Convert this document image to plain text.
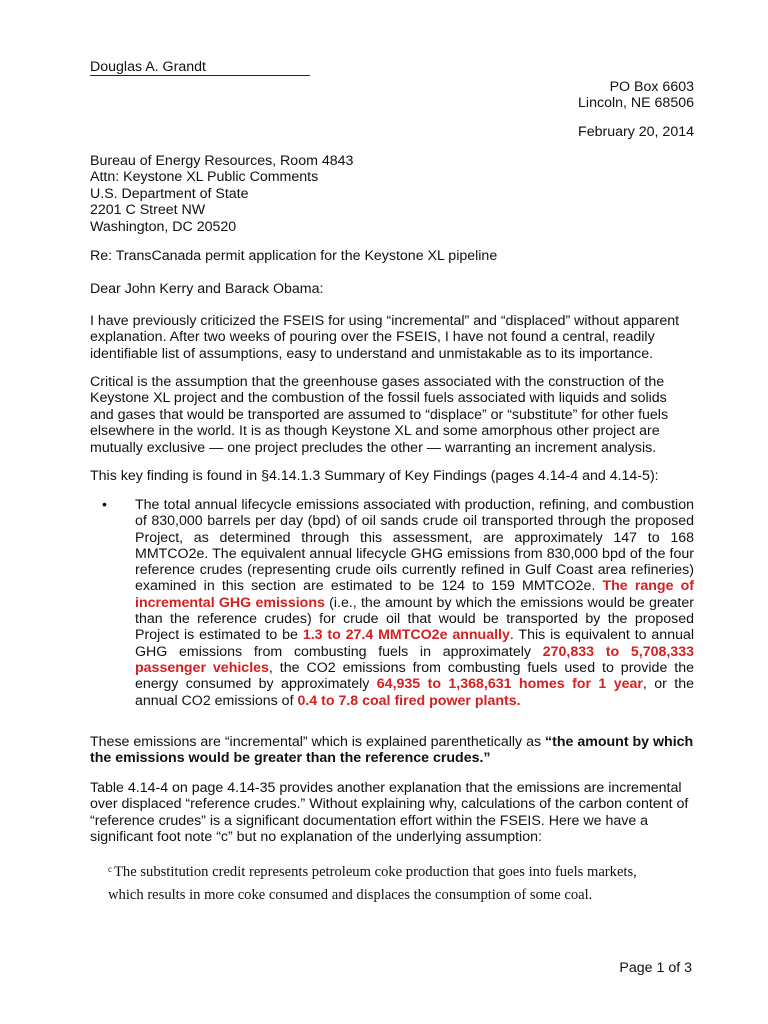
Douglas A. Grandt
PO Box 6603
Lincoln, NE 68506
February 20, 2014
Bureau of Energy Resources, Room 4843
Attn: Keystone XL Public Comments
U.S. Department of State
2201 C Street NW
Washington, DC 20520
Re: TransCanada permit application for the Keystone XL pipeline
Dear John Kerry and Barack Obama:
I have previously criticized the FSEIS for using “incremental” and “displaced” without apparent explanation. After two weeks of pouring over the FSEIS, I have not found a central, readily identifiable list of assumptions, easy to understand and unmistakable as to its importance.
Critical is the assumption that the greenhouse gases associated with the construction of the Keystone XL project and the combustion of the fossil fuels associated with liquids and solids and gases that would be transported are assumed to “displace” or “substitute” for other fuels elsewhere in the world. It is as though Keystone XL and some amorphous other project are mutually exclusive — one project precludes the other — warranting an increment analysis.
This key finding is found in §4.14.1.3 Summary of Key Findings (pages 4.14-4 and 4.14-5):
• The total annual lifecycle emissions associated with production, refining, and combustion of 830,000 barrels per day (bpd) of oil sands crude oil transported through the proposed Project, as determined through this assessment, are approximately 147 to 168 MMTCO2e. The equivalent annual lifecycle GHG emissions from 830,000 bpd of the four reference crudes (representing crude oils currently refined in Gulf Coast area refineries) examined in this section are estimated to be 124 to 159 MMTCO2e. The range of incremental GHG emissions (i.e., the amount by which the emissions would be greater than the reference crudes) for crude oil that would be transported by the proposed Project is estimated to be 1.3 to 27.4 MMTCO2e annually. This is equivalent to annual GHG emissions from combusting fuels in approximately 270,833 to 5,708,333 passenger vehicles, the CO2 emissions from combusting fuels used to provide the energy consumed by approximately 64,935 to 1,368,631 homes for 1 year, or the annual CO2 emissions of 0.4 to 7.8 coal fired power plants.
These emissions are “incremental” which is explained parenthetically as “the amount by which the emissions would be greater than the reference crudes.”
Table 4.14-4 on page 4.14-35 provides another explanation that the emissions are incremental over displaced “reference crudes.” Without explaining why, calculations of the carbon content of “reference crudes” is a significant documentation effort within the FSEIS. Here we have a significant foot note “c” but no explanation of the underlying assumption:
$^c$ The substitution credit represents petroleum coke production that goes into fuels markets, which results in more coke consumed and displaces the consumption of some coal.
Page 1 of 3
